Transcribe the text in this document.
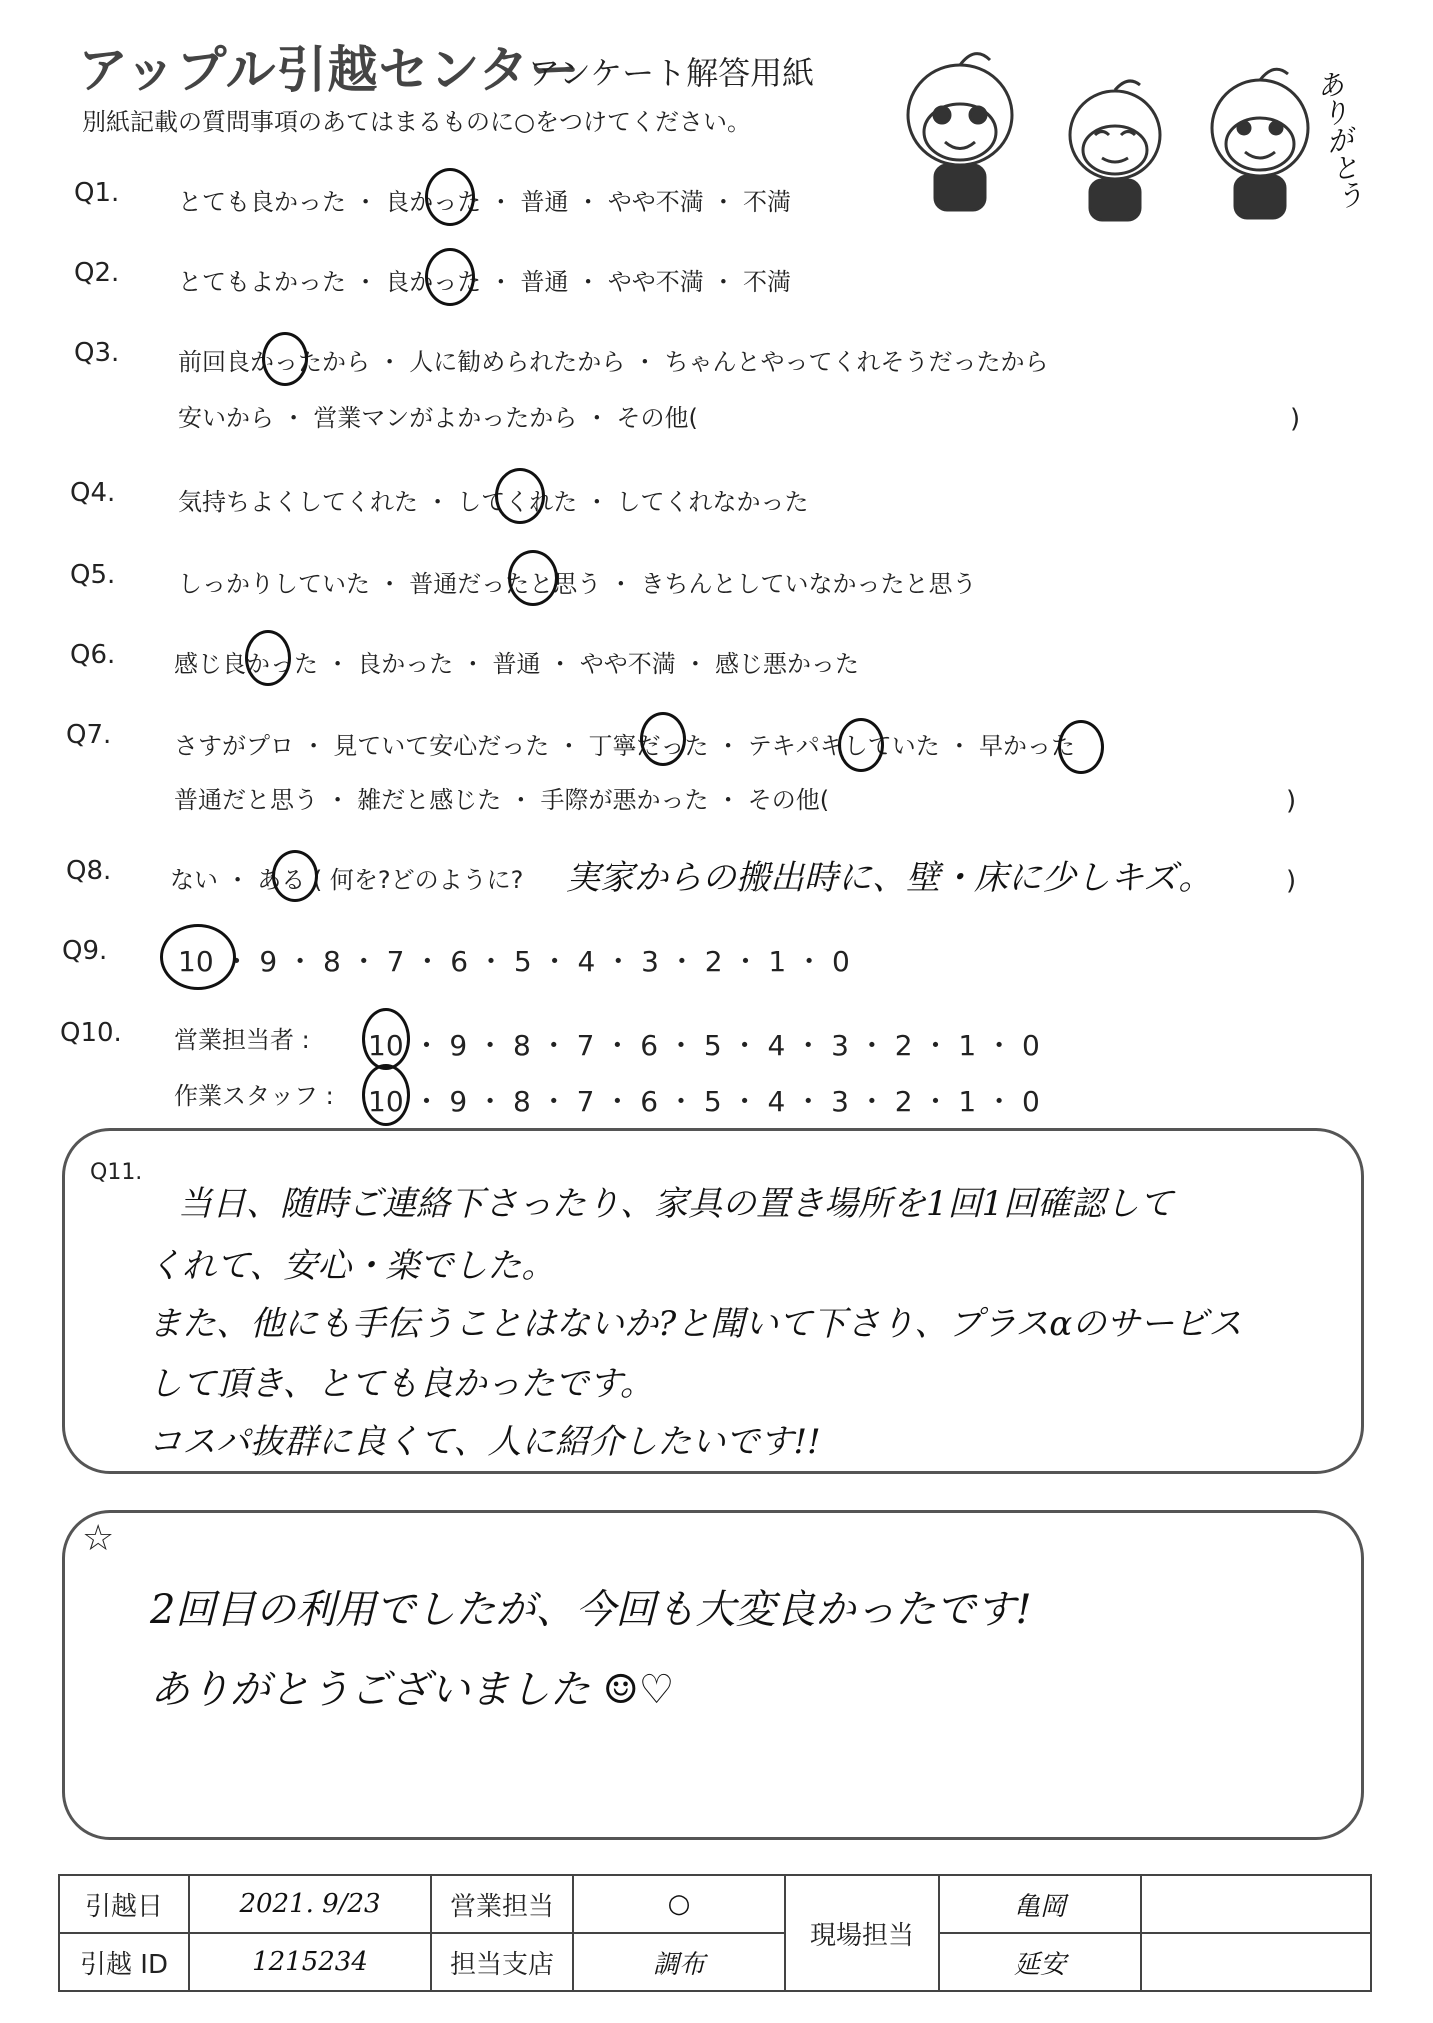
アップル引越センター
アンケート解答用紙
別紙記載の質問事項のあてはまるものに○をつけてください。	ありがとう
Q1. とても良かった ・ 良かった ・ 普通 ・ やや不満 ・ 不満
Q2. とてもよかった ・ 良かった ・ 普通 ・ やや不満 ・ 不満
Q3. 前回良かったから ・ 人に勧められたから ・ ちゃんとやってくれそうだったから
安いから ・ 営業マンがよかったから ・ その他(	)
Q4.	気持ちよくしてくれた ・ してくれた ・ してくれなかった
Q5.	しっかりしていた ・ 普通だったと思う ・ きちんとしていなかったと思う
Q6. 感じ良かった ・ 良かった ・ 普通 ・ やや不満 ・ 感じ悪かった
Q7.	さすがプロ ・ 見ていて安心だった ・ 丁寧だった ・ テキパキしていた ・ 早かった
普通だと思う ・ 雑だと感じた ・ 手際が悪かった ・ その他(	)
Q8. ない ・ ある ( 何を?どのように? 実家からの搬出時に、壁・床に少しキズ。	)
Q9.	10 ・ 9 ・ 8 ・ 7 ・ 6 ・ 5 ・ 4 ・ 3 ・ 2 ・ 1 ・ 0
Q10. 営業担当者 : 10 ・ 9 ・ 8 ・ 7 ・ 6 ・ 5 ・ 4 ・ 3 ・ 2 ・ 1 ・ 0
作業スタッフ : 10 ・ 9 ・ 8 ・ 7 ・ 6 ・ 5 ・ 4 ・ 3 ・ 2 ・ 1 ・ 0
Q11.
当日、随時ご連絡下さったり、家具の置き場所を1回1回確認して
くれて、安心・楽でした。
また、他にも手伝うことはないか?と聞いて下さり、プラスαのサービス
して頂き、とても良かったです。
コスパ抜群に良くて、人に紹介したいです!!
☆
2回目の利用でしたが、今回も大変良かったです!
ありがとうございました ☺♡
引越日	2021. 9/23	営業担当	○	現場担当	亀岡	
引越 ID	1215234	担当支店	調布		延安	
